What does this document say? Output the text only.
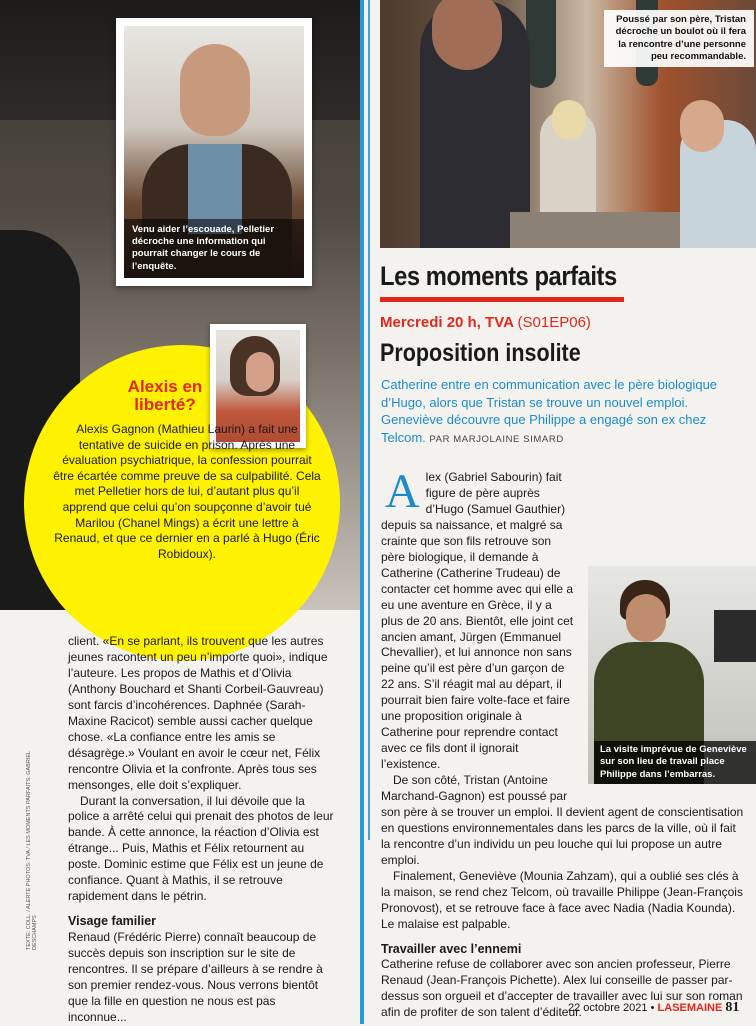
Venu aider l’escouade, Pelletier décroche une information qui pourrait changer le cours de l’enquête.
Alexis en liberté?
Alexis Gagnon (Mathieu Laurin) a fait une tentative de suicide en prison. Après une évaluation psychiatrique, la confession pourrait être écartée comme preuve de sa culpabilité. Cela met Pelletier hors de lui, d’autant plus qu’il apprend que celui qu’on soupçonne d’avoir tué Marilou (Chanel Mings) a écrit une lettre à Renaud, et que ce dernier en a parlé à Hugo (Éric Robidoux).

client. «En se parlant, ils trouvent que les autres jeunes racontent un peu n’importe quoi», indique l’auteure. Les propos de Mathis et d’Olivia (Anthony Bouchard et Shanti Corbeil-Gauvreau) sont farcis d’incohérences. Daphnée (Sarah-Maxine Racicot) semble aussi cacher quelque chose. «La confiance entre les amis se désagrège.» Voulant en avoir le cœur net, Félix rencontre Olivia et la confronte. Après tous ses mensonges, elle doit s’expliquer.

Durant la conversation, il lui dévoile que la police a arrêté celui qui prenait des photos de leur bande. À cette annonce, la réaction d’Olivia est étrange... Puis, Mathis et Félix retournent au poste. Dominic estime que Félix est un jeune de confiance. Quant à Mathis, il se retrouve rapidement dans le pétrin.

Visage familier

Renaud (Frédéric Pierre) connaît beaucoup de succès depuis son inscription sur le site de rencontres. Il se prépare d’ailleurs à se rendre à son premier rendez-vous. Nous verrons bientôt que la fille en question ne nous est pas inconnue...

TEXTE: COLL. / ALERTE PHOTOS: TVA / LES MOMENTS PARFAITS: GABRIEL DESCHAMPS
Poussé par son père, Tristan décroche un boulot où il fera la rencontre d’une personne peu recommandable.
Les moments parfaits
Mercredi 20 h, TVA (S01EP06)
Proposition insolite
Catherine entre en communication avec le père biologique d’Hugo, alors que Tristan se trouve un nouvel emploi. Geneviève découvre que Philippe a engagé son ex chez Telcom. PAR MARJOLAINE SIMARD

Alex (Gabriel Sabourin) fait figure de père auprès d’Hugo (Samuel Gauthier) depuis sa naissance, et malgré sa crainte que son fils retrouve son père biologique, il demande à Catherine (Catherine Trudeau) de contacter cet homme avec qui elle a eu une aventure en Grèce, il y a plus de 20 ans. Bientôt, elle joint cet ancien amant, Jürgen (Emmanuel Chevallier), et lui annonce non sans peine qu’il est père d’un garçon de 22 ans. S’il réagit mal au départ, il pourrait bien faire volte-face et faire une proposition originale à Catherine pour reprendre contact avec ce fils dont il ignorait l’existence.

De son côté, Tristan (Antoine Marchand-Gagnon) est poussé par son père à se trouver un emploi. Il devient agent de conscientisation en questions environnementales dans les parcs de la ville, où il fait la rencontre d’un individu un peu louche qui lui propose un autre emploi.

Finalement, Geneviève (Mounia Zahzam), qui a oublié ses clés à la maison, se rend chez Telcom, où travaille Philippe (Jean-François Pronovost), et se retrouve face à face avec Nadia (Nadia Kounda). Le malaise est palpable.

Travailler avec l’ennemi

Catherine refuse de collaborer avec son ancien professeur, Pierre Renaud (Jean-François Pichette). Alex lui conseille de passer par-dessus son orgueil et d’accepter de travailler avec lui sur son roman afin de profiter de son talent d’éditeur.

La visite imprévue de Geneviève sur son lieu de travail place Philippe dans l’embarras.
22 octobre 2021 • LASEMAINE 81
